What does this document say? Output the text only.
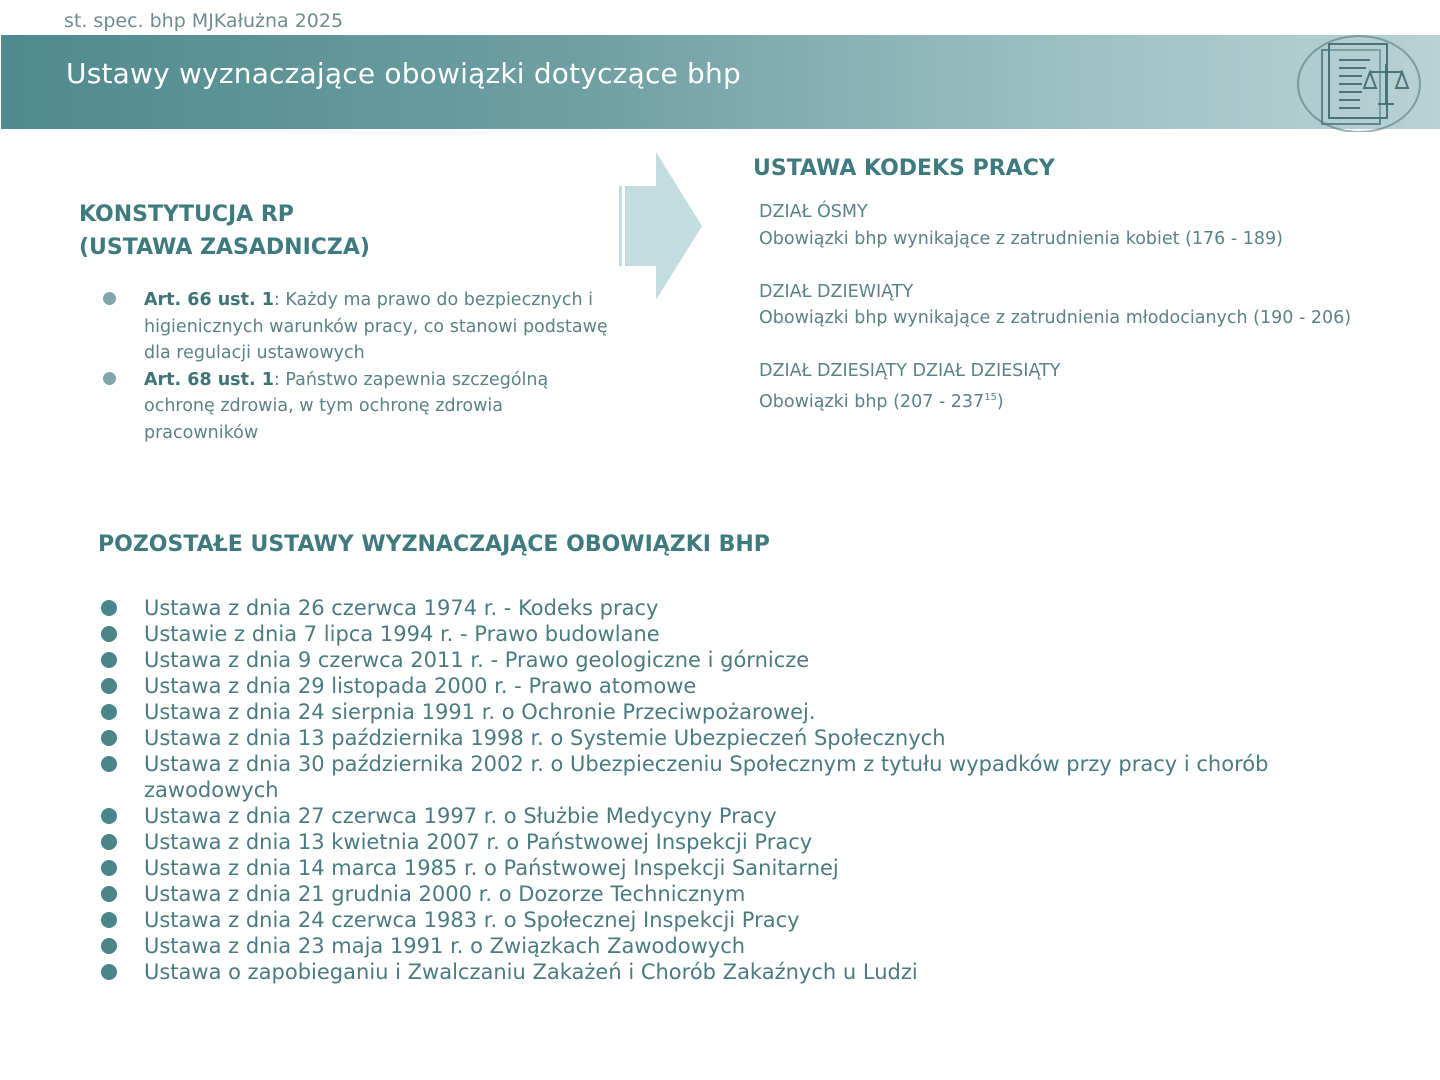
st. spec. bhp MJKałużna 2025
Ustawy wyznaczające obowiązki dotyczące bhp
KONSTYTUCJA RP
(USTAWA ZASADNICZA)
Art. 66 ust. 1: Każdy ma prawo do bezpiecznych i higienicznych warunków pracy, co stanowi podstawę dla regulacji ustawowych
Art. 68 ust. 1: Państwo zapewnia szczególną ochronę zdrowia, w tym ochronę zdrowia pracowników
USTAWA KODEKS PRACY
DZIAŁ ÓSMY
Obowiązki bhp wynikające z zatrudnienia kobiet (176 - 189)
DZIAŁ DZIEWIĄTY
Obowiązki bhp wynikające z zatrudnienia młodocianych (190 - 206)
DZIAŁ DZIESIĄTY DZIAŁ DZIESIĄTY
Obowiązki bhp $(207 - 237^{15})$
POZOSTAŁE USTAWY WYZNACZAJĄCE OBOWIĄZKI BHP
Ustawa z dnia 26 czerwca 1974 r. - Kodeks pracy
Ustawie z dnia 7 lipca 1994 r. - Prawo budowlane
Ustawa z dnia 9 czerwca 2011 r. - Prawo geologiczne i górnicze
Ustawa z dnia 29 listopada 2000 r. - Prawo atomowe
Ustawa z dnia 24 sierpnia 1991 r. o Ochronie Przeciwpożarowej.
Ustawa z dnia 13 października 1998 r. o Systemie Ubezpieczeń Społecznych
Ustawa z dnia 30 października 2002 r. o Ubezpieczeniu Społecznym z tytułu wypadków przy pracy i chorób zawodowych
Ustawa z dnia 27 czerwca 1997 r. o Służbie Medycyny Pracy
Ustawa z dnia 13 kwietnia 2007 r. o Państwowej Inspekcji Pracy
Ustawa z dnia 14 marca 1985 r. o Państwowej Inspekcji Sanitarnej
Ustawa z dnia 21 grudnia 2000 r. o Dozorze Technicznym
Ustawa z dnia 24 czerwca 1983 r. o Społecznej Inspekcji Pracy
Ustawa z dnia 23 maja 1991 r. o Związkach Zawodowych
Ustawa o zapobieganiu i Zwalczaniu Zakażeń i Chorób Zakaźnych u Ludzi
